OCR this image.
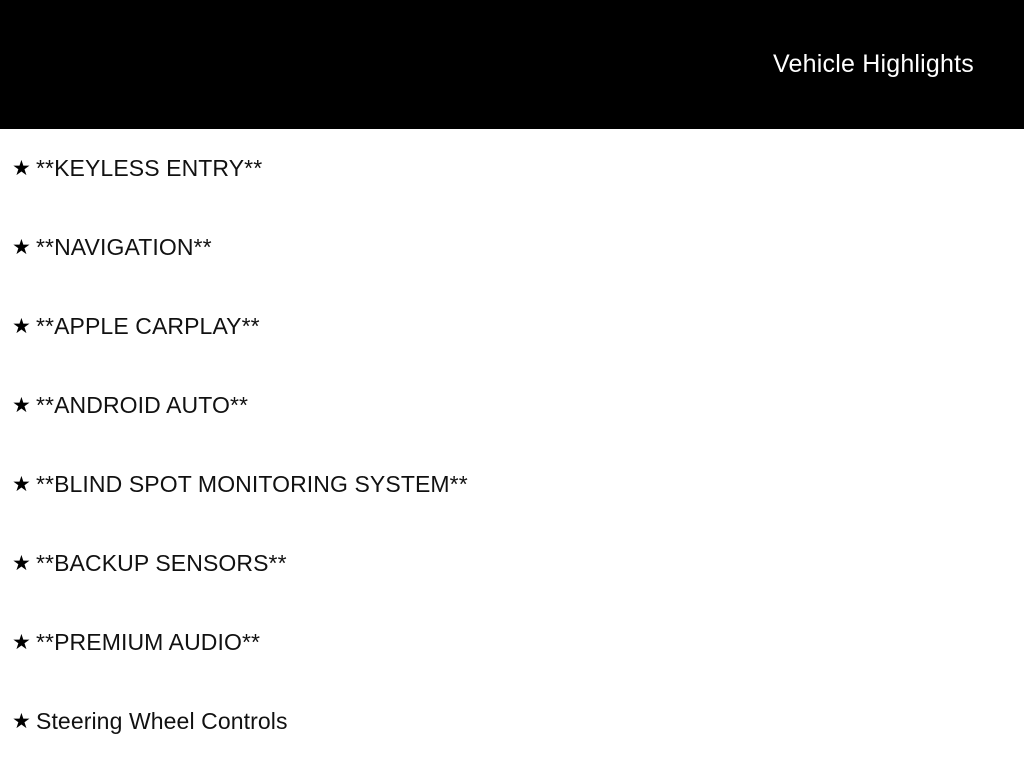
Vehicle Highlights
★ **KEYLESS ENTRY**
★ **NAVIGATION**
★ **APPLE CARPLAY**
★ **ANDROID AUTO**
★ **BLIND SPOT MONITORING SYSTEM**
★ **BACKUP SENSORS**
★ **PREMIUM AUDIO**
★ Steering Wheel Controls
